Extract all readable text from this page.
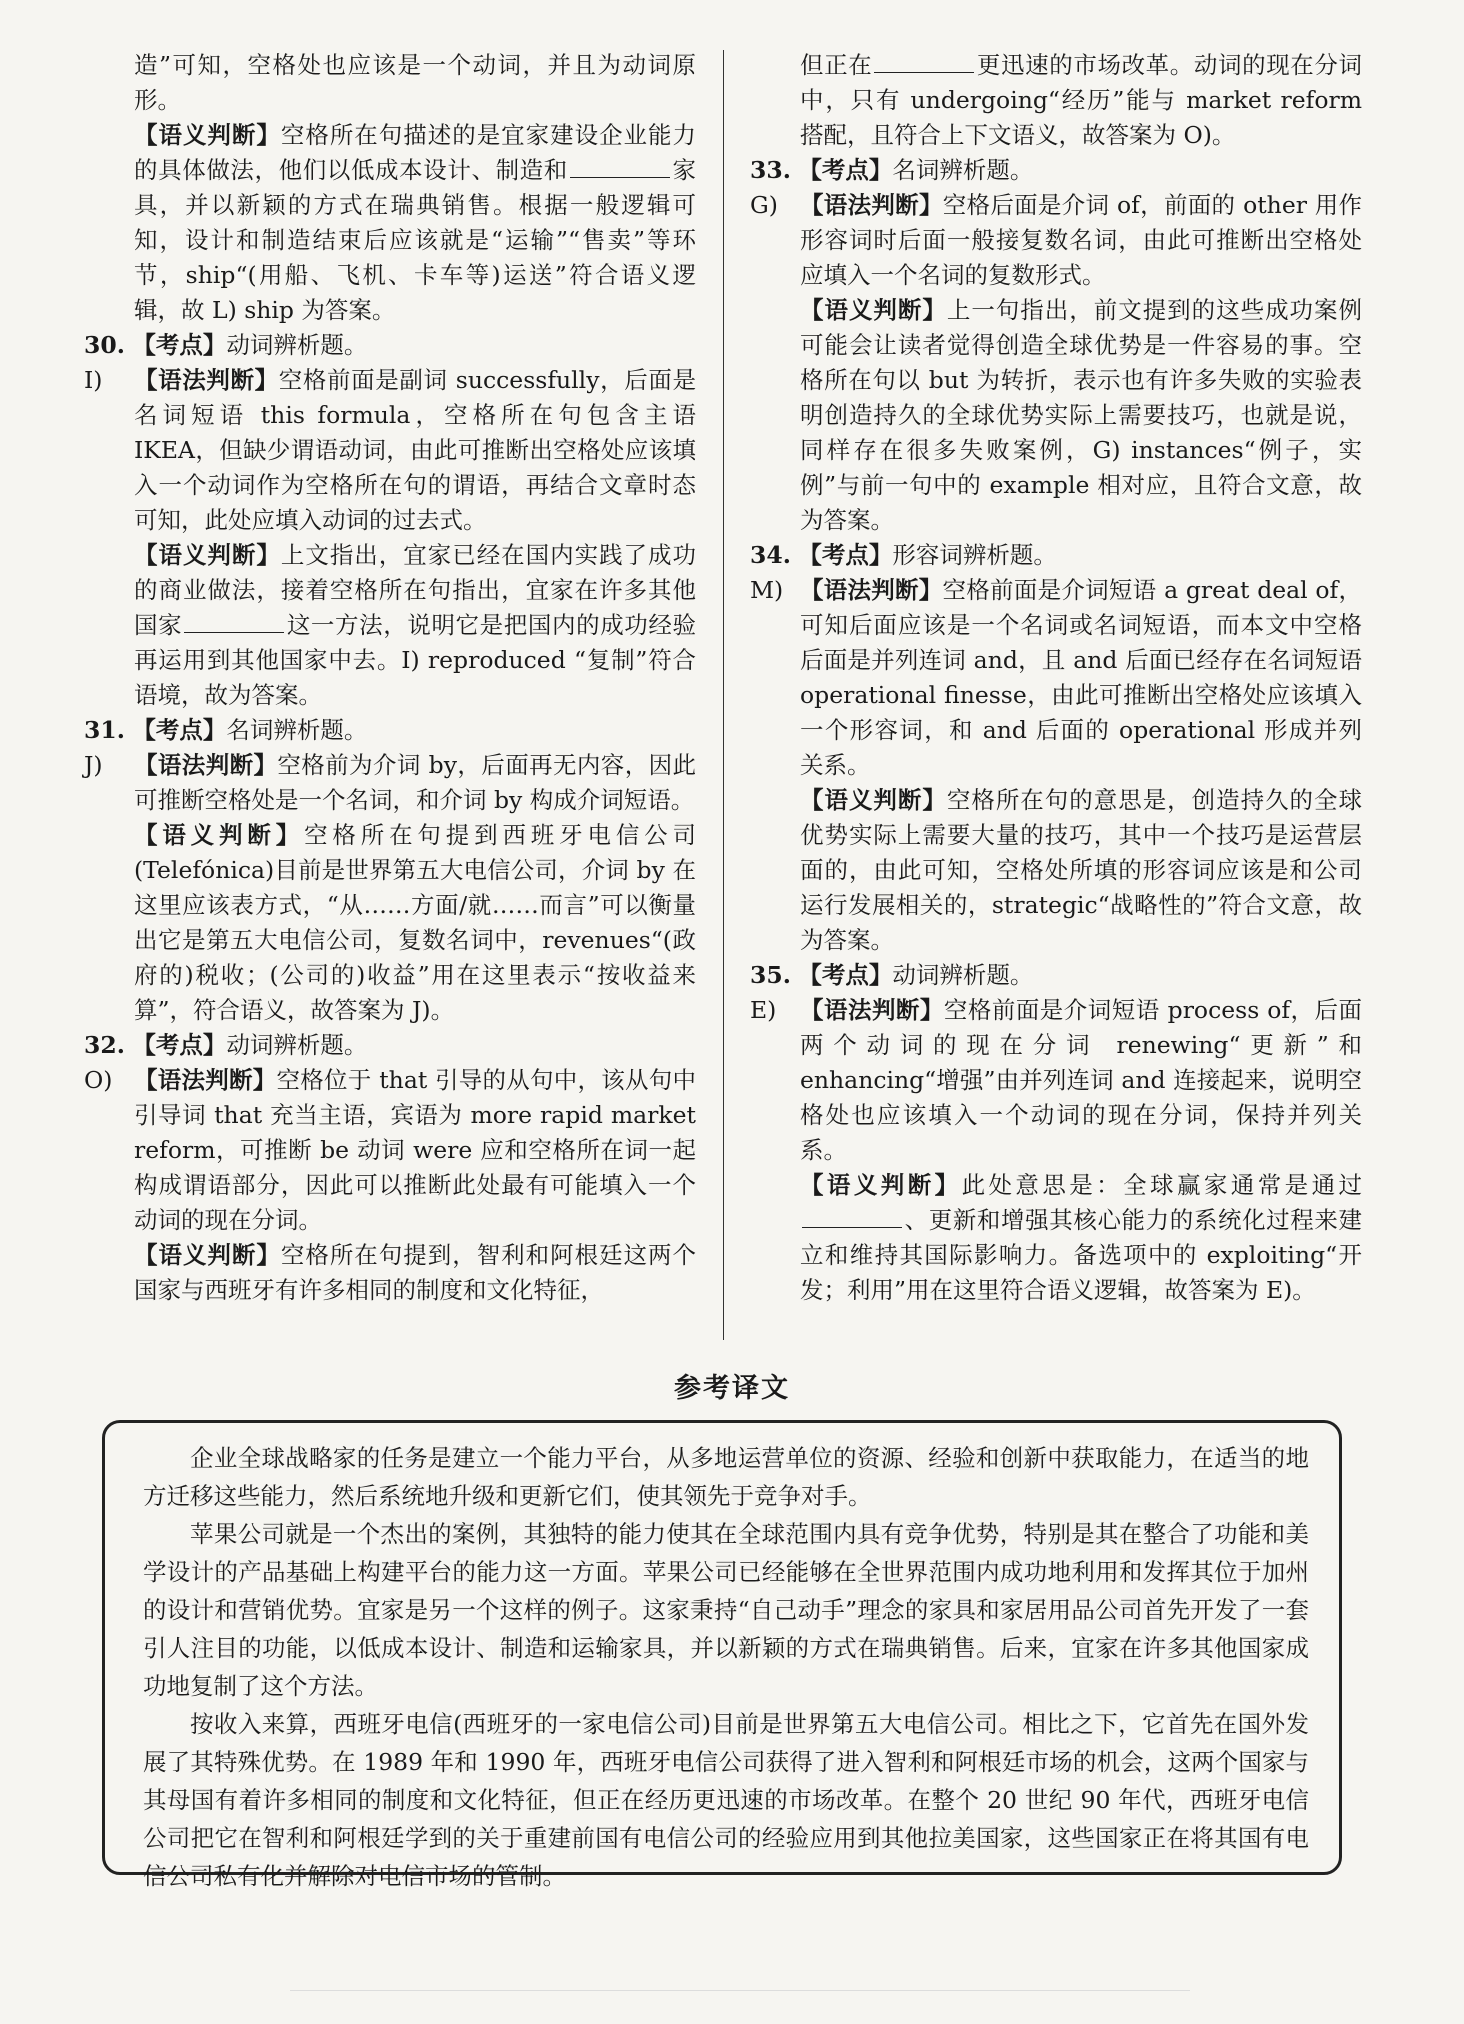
造”可知，空格处也应该是一个动词，并且为动词原形。

【语义判断】空格所在句描述的是宜家建设企业能力的具体做法，他们以低成本设计、制造和	家具，并以新颖的方式在瑞典销售。根据一般逻辑可知，设计和制造结束后应该就是“运输”“售卖”等环节，ship“(用船、飞机、卡车等)运送”符合语义逻辑，故 L) ship 为答案。

30. 【考点】动词辨析题。

I) 【语法判断】空格前面是副词 successfully，后面是名词短语 this formula，空格所在句包含主语 IKEA，但缺少谓语动词，由此可推断出空格处应该填入一个动词作为空格所在句的谓语，再结合文章时态可知，此处应填入动词的过去式。

【语义判断】上文指出，宜家已经在国内实践了成功的商业做法，接着空格所在句指出，宜家在许多其他国家	这一方法，说明它是把国内的成功经验再运用到其他国家中去。I) reproduced “复制”符合语境，故为答案。

31. 【考点】名词辨析题。

J) 【语法判断】空格前为介词 by，后面再无内容，因此可推断空格处是一个名词，和介词 by 构成介词短语。

【语义判断】空格所在句提到西班牙电信公司(Telefónica)目前是世界第五大电信公司，介词 by 在这里应该表方式，“从……方面/就……而言”可以衡量出它是第五大电信公司，复数名词中，revenues“(政府的)税收；(公司的)收益”用在这里表示“按收益来算”，符合语义，故答案为 J)。

32. 【考点】动词辨析题。

O) 【语法判断】空格位于 that 引导的从句中，该从句中引导词 that 充当主语，宾语为 more rapid market reform，可推断 be 动词 were 应和空格所在词一起构成谓语部分，因此可以推断此处最有可能填入一个动词的现在分词。

【语义判断】空格所在句提到，智利和阿根廷这两个国家与西班牙有许多相同的制度和文化特征，

但正在	更迅速的市场改革。动词的现在分词中，只有 undergoing“经历”能与 market reform 搭配，且符合上下文语义，故答案为 O)。

33. 【考点】名词辨析题。

G) 【语法判断】空格后面是介词 of，前面的 other 用作形容词时后面一般接复数名词，由此可推断出空格处应填入一个名词的复数形式。

【语义判断】上一句指出，前文提到的这些成功案例可能会让读者觉得创造全球优势是一件容易的事。空格所在句以 but 为转折，表示也有许多失败的实验表明创造持久的全球优势实际上需要技巧，也就是说，同样存在很多失败案例，G) instances“例子，实例”与前一句中的 example 相对应，且符合文意，故为答案。

34. 【考点】形容词辨析题。

M) 【语法判断】空格前面是介词短语 a great deal of，可知后面应该是一个名词或名词短语，而本文中空格后面是并列连词 and，且 and 后面已经存在名词短语 operational finesse，由此可推断出空格处应该填入一个形容词，和 and 后面的 operational 形成并列关系。

【语义判断】空格所在句的意思是，创造持久的全球优势实际上需要大量的技巧，其中一个技巧是运营层面的，由此可知，空格处所填的形容词应该是和公司运行发展相关的，strategic“战略性的”符合文意，故为答案。

35. 【考点】动词辨析题。

E) 【语法判断】空格前面是介词短语 process of，后面两个动词的现在分词 renewing“更新”和 enhancing“增强”由并列连词 and 连接起来，说明空格处也应该填入一个动词的现在分词，保持并列关系。

【语义判断】此处意思是：全球赢家通常是通过、更新和增强其核心能力的系统化过程来建立和维持其国际影响力。备选项中的 exploiting“开发；利用”用在这里符合语义逻辑，故答案为 E)。

参考译文

企业全球战略家的任务是建立一个能力平台，从多地运营单位的资源、经验和创新中获取能力，在适当的地方迁移这些能力，然后系统地升级和更新它们，使其领先于竞争对手。

苹果公司就是一个杰出的案例，其独特的能力使其在全球范围内具有竞争优势，特别是其在整合了功能和美学设计的产品基础上构建平台的能力这一方面。苹果公司已经能够在全世界范围内成功地利用和发挥其位于加州的设计和营销优势。宜家是另一个这样的例子。这家秉持“自己动手”理念的家具和家居用品公司首先开发了一套引人注目的功能，以低成本设计、制造和运输家具，并以新颖的方式在瑞典销售。后来，宜家在许多其他国家成功地复制了这个方法。

按收入来算，西班牙电信(西班牙的一家电信公司)目前是世界第五大电信公司。相比之下，它首先在国外发展了其特殊优势。在 1989 年和 1990 年，西班牙电信公司获得了进入智利和阿根廷市场的机会，这两个国家与其母国有着许多相同的制度和文化特征，但正在经历更迅速的市场改革。在整个 20 世纪 90 年代，西班牙电信公司把它在智利和阿根廷学到的关于重建前国有电信公司的经验应用到其他拉美国家，这些国家正在将其国有电信公司私有化并解除对电信市场的管制。
